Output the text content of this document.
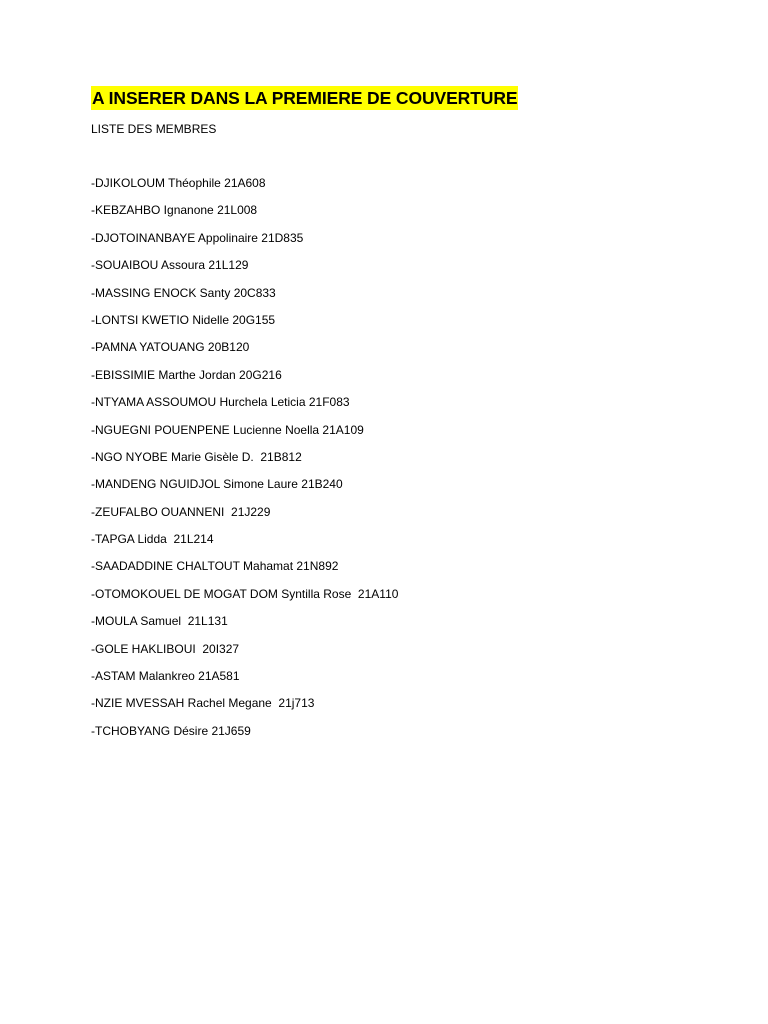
A INSERER DANS LA PREMIERE DE COUVERTURE
LISTE DES MEMBRES
-DJIKOLOUM Théophile 21A608
-KEBZAHBO Ignanone 21L008
-DJOTOINANBAYE Appolinaire 21D835
-SOUAIBOU Assoura 21L129
-MASSING ENOCK Santy 20C833
-LONTSI KWETIO Nidelle 20G155
-PAMNA YATOUANG 20B120
-EBISSIMIE Marthe Jordan 20G216
-NTYAMA ASSOUMOU Hurchela Leticia 21F083
-NGUEGNI POUENPENE Lucienne Noella 21A109
-NGO NYOBE Marie Gisèle D.  21B812
-MANDENG NGUIDJOL Simone Laure 21B240
-ZEUFALBO OUANNENI  21J229
-TAPGA Lidda  21L214
-SAADADDINE CHALTOUT Mahamat 21N892
-OTOMOKOUEL DE MOGAT DOM Syntilla Rose  21A110
-MOULA Samuel  21L131
-GOLE HAKLIBOUI  20I327
-ASTAM Malankreo 21A581
-NZIE MVESSAH Rachel Megane  21j713
-TCHOBYANG Désire 21J659
